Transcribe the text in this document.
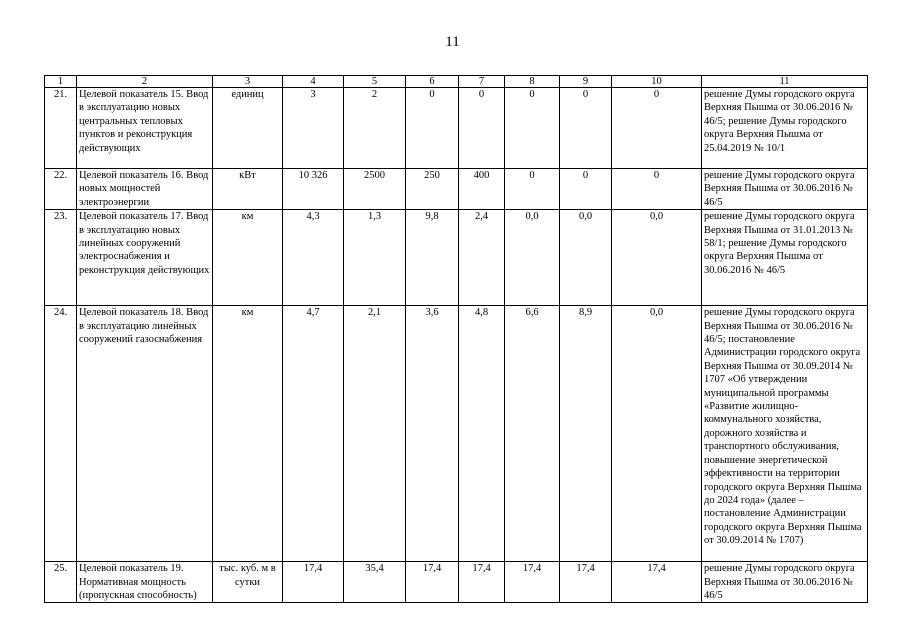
11
1	2	3	4	5	6	7	8	9	10	11
21.	Целевой показатель 15. Ввод в эксплуатацию новых центральных тепловых пунктов и реконструкция действующих	единиц	3	2	0	0	0	0	0	решение Думы городского округа Верхняя Пышма от 30.06.2016 № 46/5; решение Думы городского округа Верхняя Пышма от 25.04.2019 № 10/1
22.	Целевой показатель 16. Ввод новых мощностей электроэнергии	кВт	10 326	2500	250	400	0	0	0	решение Думы городского округа Верхняя Пышма от 30.06.2016 № 46/5
23.	Целевой показатель 17. Ввод в эксплуатацию новых линейных сооружений электроснабжения и реконструкция действующих	км	4,3	1,3	9,8	2,4	0,0	0,0	0,0	решение Думы городского округа Верхняя Пышма от 31.01.2013 № 58/1; решение Думы городского округа Верхняя Пышма от 30.06.2016 № 46/5
24.	Целевой показатель 18. Ввод в эксплуатацию линейных сооружений газоснабжения	км	4,7	2,1	3,6	4,8	6,6	8,9	0,0	решение Думы городского округа Верхняя Пышма от 30.06.2016 № 46/5; постановление Администрации городского округа Верхняя Пышма от 30.09.2014 № 1707 «Об утверждении муниципальной программы «Развитие жилищно-коммунального хозяйства, дорожного хозяйства и транспортного обслуживания, повышение энергетической эффективности на территории городского округа Верхняя Пышма до 2024 года» (далее – постановление Администрации городского округа Верхняя Пышма от 30.09.2014 № 1707)
25.	Целевой показатель 19. Нормативная мощность (пропускная способность)	тыс. куб. м в сутки	17,4	35,4	17,4	17,4	17,4	17,4	17,4	решение Думы городского округа Верхняя Пышма от 30.06.2016 № 46/5
